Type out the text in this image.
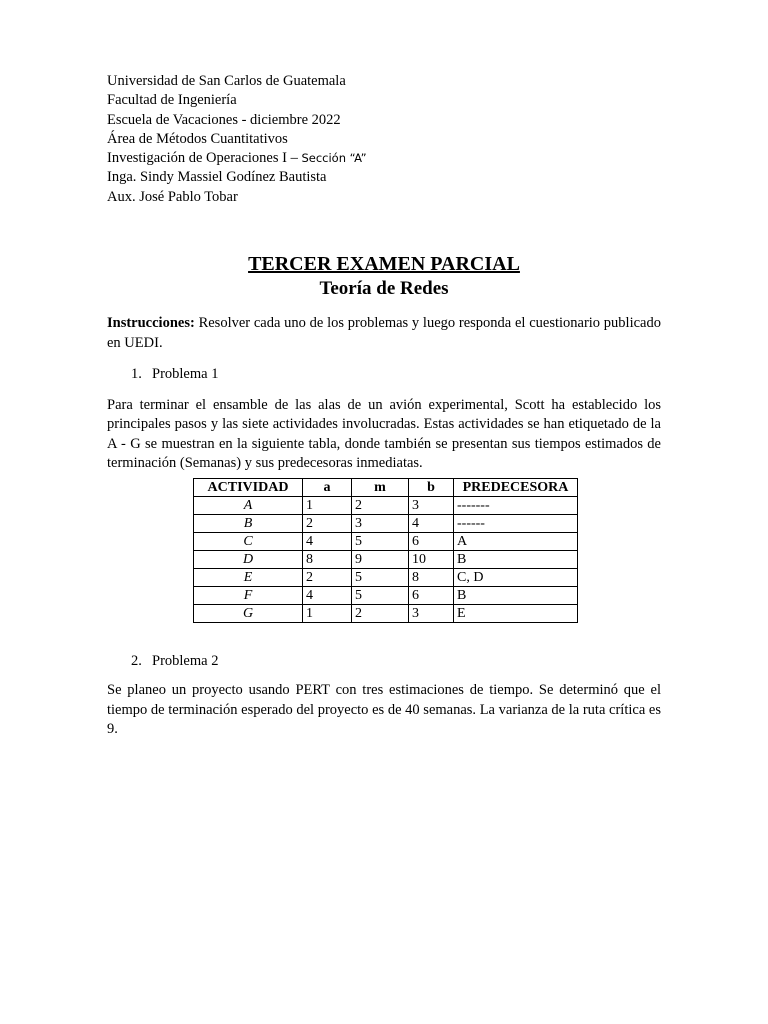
Universidad de San Carlos de Guatemala
Facultad de Ingeniería
Escuela de Vacaciones - diciembre 2022
Área de Métodos Cuantitativos
Investigación de Operaciones I – Sección “A”
Inga. Sindy Massiel Godínez Bautista
Aux. José Pablo Tobar
TERCER EXAMEN PARCIAL
Teoría de Redes
Instrucciones: Resolver cada uno de los problemas y luego responda el cuestionario publicado en UEDI.
1. Problema 1
Para terminar el ensamble de las alas de un avión experimental, Scott ha establecido los principales pasos y las siete actividades involucradas. Estas actividades se han etiquetado de la A - G se muestran en la siguiente tabla, donde también se presentan sus tiempos estimados de terminación (Semanas) y sus predecesoras inmediatas.
ACTIVIDAD	a	m	b	PREDECESORA
A	1	2	3	-------
B	2	3	4	------
C	4	5	6	A
D	8	9	10	B
E	2	5	8	C, D
F	4	5	6	B
G	1	2	3	E
2. Problema 2
Se planeo un proyecto usando PERT con tres estimaciones de tiempo. Se determinó que el tiempo de terminación esperado del proyecto es de 40 semanas. La varianza de la ruta crítica es 9.
